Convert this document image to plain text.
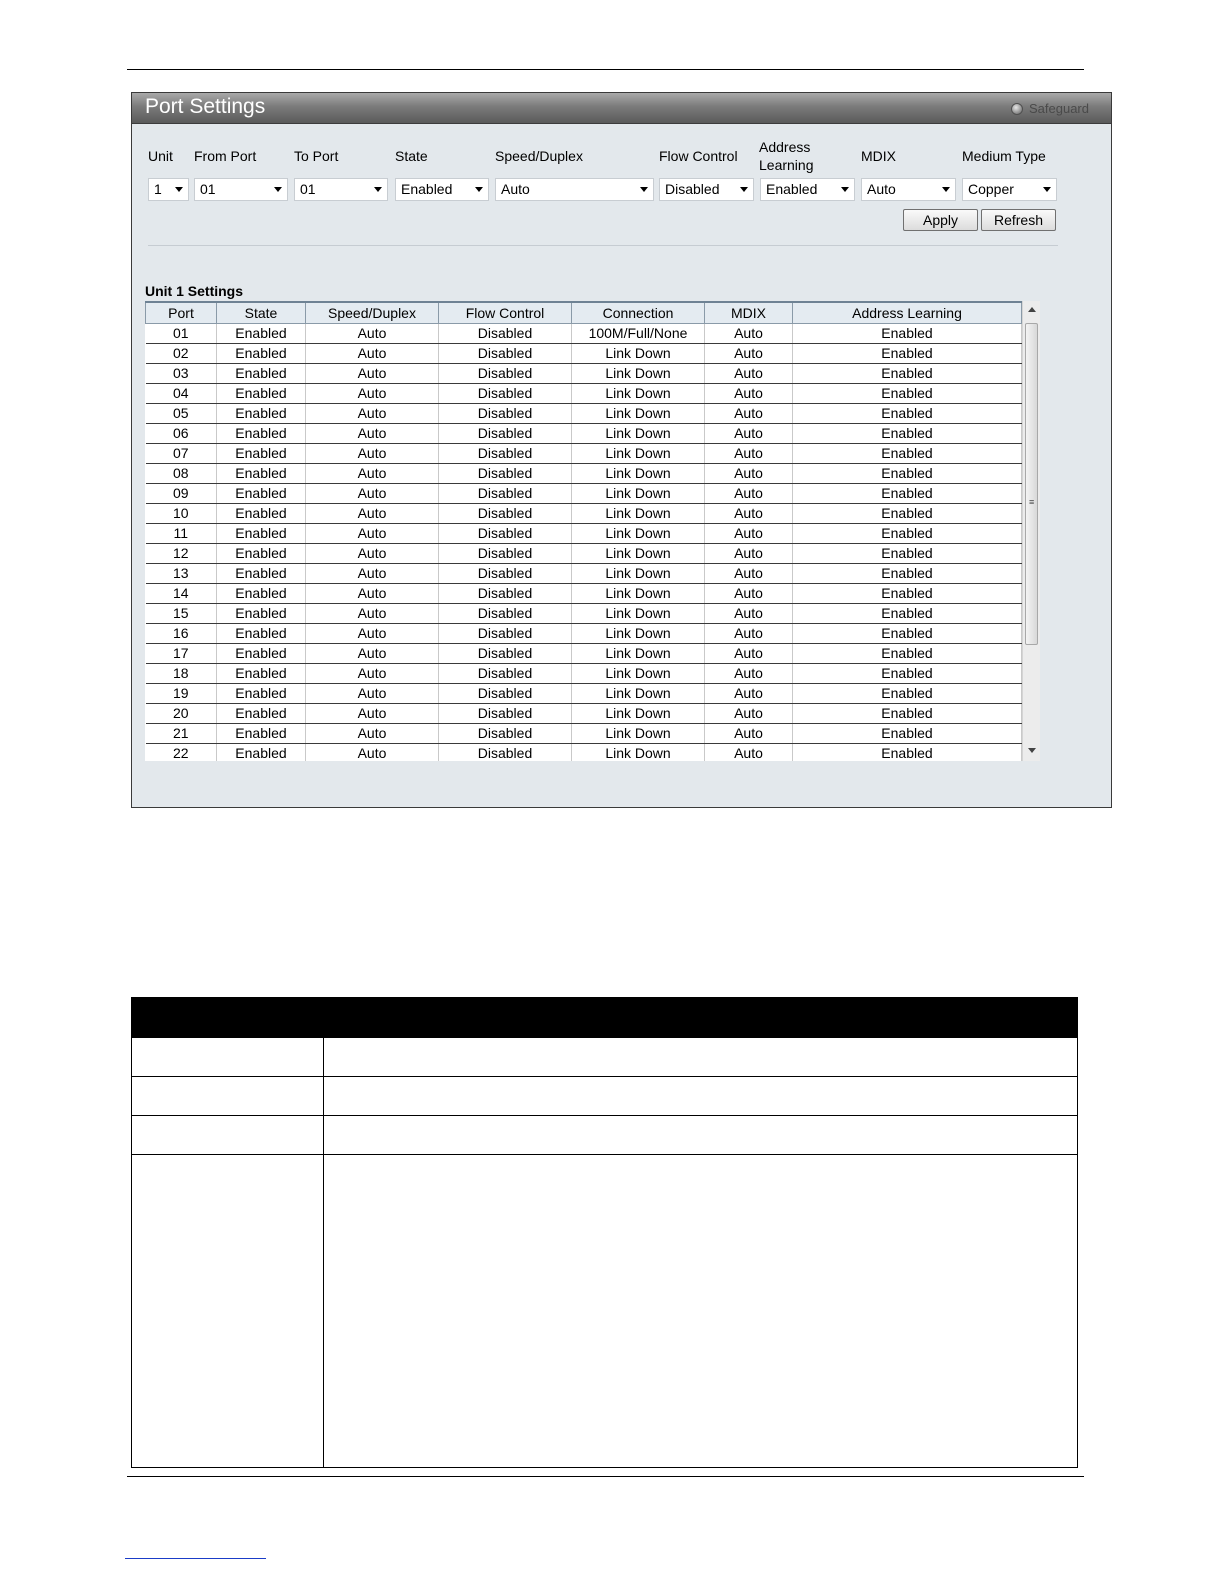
Port Settings	Safeguard
Unit From Port	To Port	State	Speed/Duplex	Flow Control
Address
Learning
MDIX	Medium Type
1	01	01	Enabled	Auto	Disabled	Enabled	Auto	Copper
Apply	Refresh
Unit 1 Settings
Port	State	Speed/Duplex	Flow Control	Connection	MDIX	Address Learning
01	Enabled	Auto	Disabled	100M/Full/None	Auto	Enabled
02	Enabled	Auto	Disabled	Link Down	Auto	Enabled
03	Enabled	Auto	Disabled	Link Down	Auto	Enabled
04	Enabled	Auto	Disabled	Link Down	Auto	Enabled
05	Enabled	Auto	Disabled	Link Down	Auto	Enabled
06	Enabled	Auto	Disabled	Link Down	Auto	Enabled
07	Enabled	Auto	Disabled	Link Down	Auto	Enabled
08	Enabled	Auto	Disabled	Link Down	Auto	Enabled
09	Enabled	Auto	Disabled	Link Down	Auto	Enabled
10	Enabled	Auto	Disabled	Link Down	Auto	Enabled
11	Enabled	Auto	Disabled	Link Down	Auto	Enabled
12	Enabled	Auto	Disabled	Link Down	Auto	Enabled
13	Enabled	Auto	Disabled	Link Down	Auto	Enabled
14	Enabled	Auto	Disabled	Link Down	Auto	Enabled
15	Enabled	Auto	Disabled	Link Down	Auto	Enabled
16	Enabled	Auto	Disabled	Link Down	Auto	Enabled
17	Enabled	Auto	Disabled	Link Down	Auto	Enabled
18	Enabled	Auto	Disabled	Link Down	Auto	Enabled
19	Enabled	Auto	Disabled	Link Down	Auto	Enabled
20	Enabled	Auto	Disabled	Link Down	Auto	Enabled
21	Enabled	Auto	Disabled	Link Down	Auto	Enabled
22	Enabled	Auto	Disabled	Link Down	Auto	Enabled
≡
